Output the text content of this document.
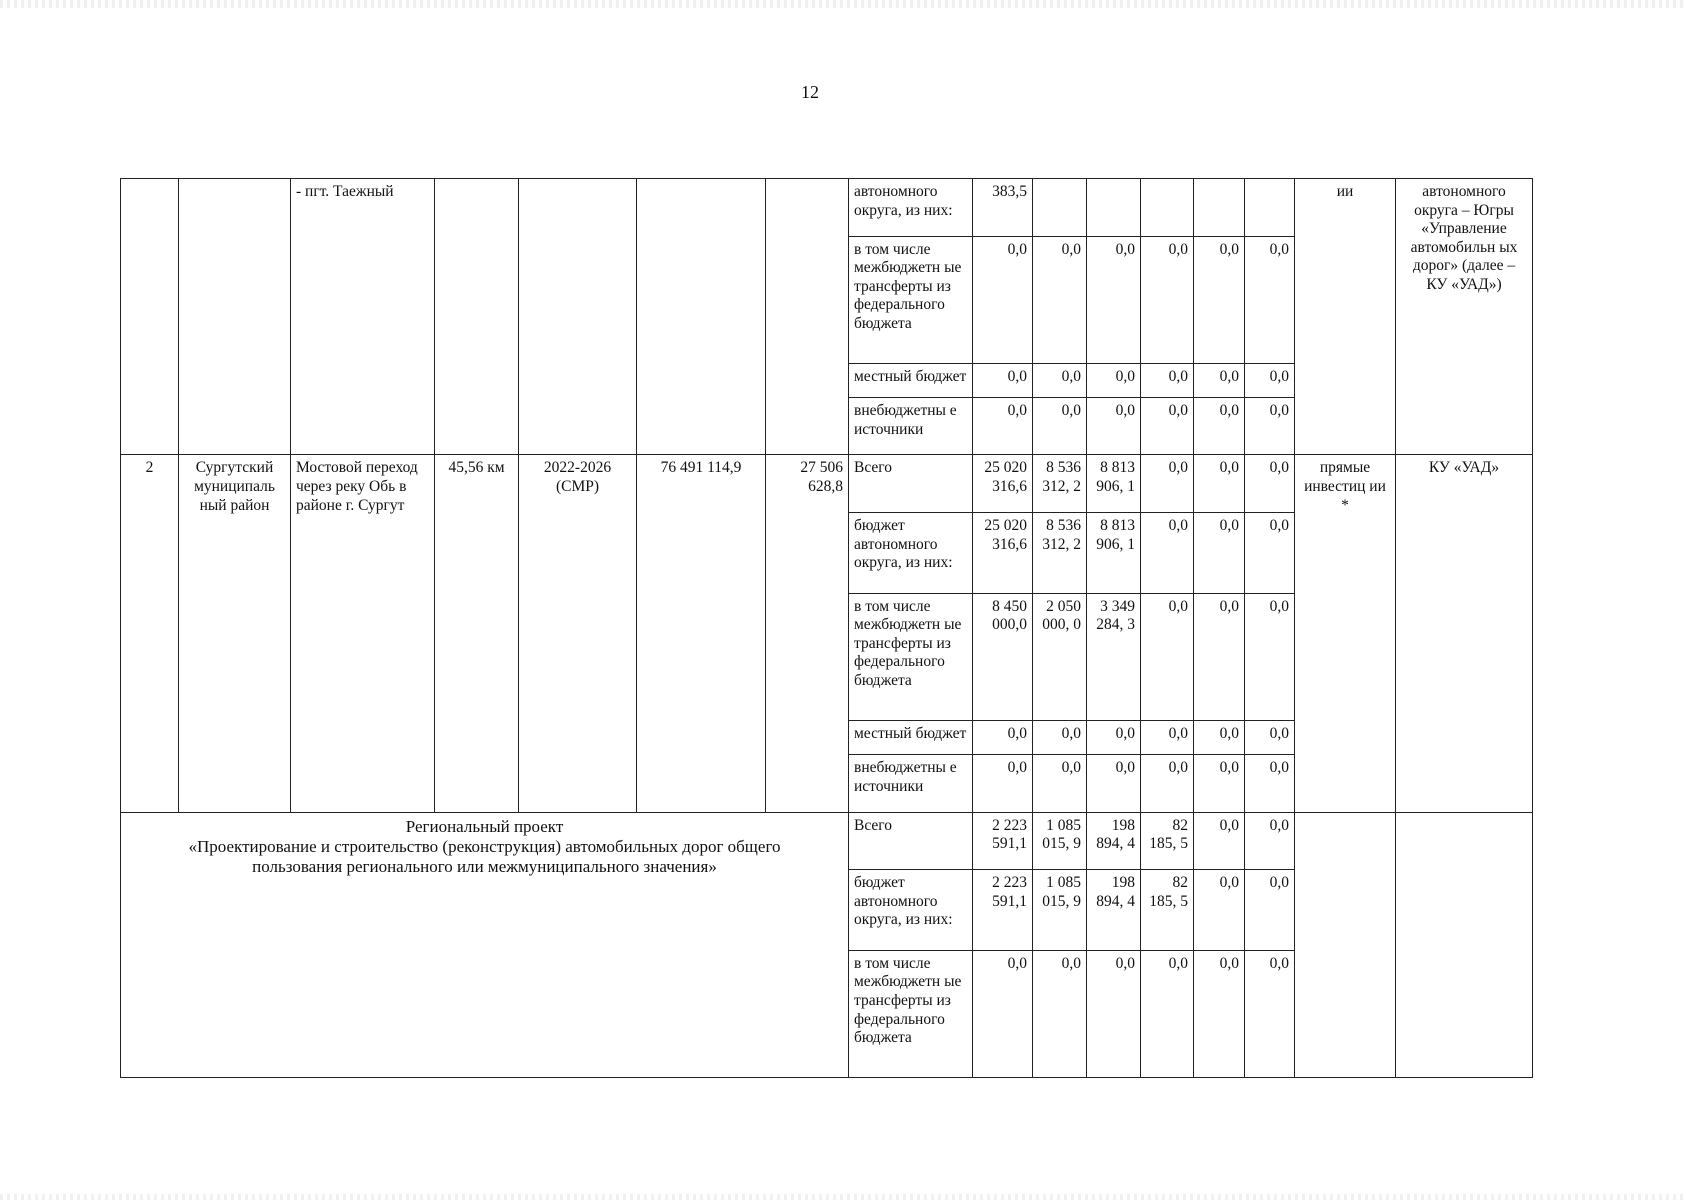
12
		- пгт. Таежный					автономного округа, из них:	383,5						ии	автономного округа – Югры «Управление автомобильн ых дорог» (далее – КУ «УАД»)
							в том числе межбюджетн ые трансферты из федерального бюджета	0,0	0,0	0,0	0,0	0,0	0,0		
							местный бюджет	0,0	0,0	0,0	0,0	0,0	0,0		
							внебюджетны е источники	0,0	0,0	0,0	0,0	0,0	0,0		
2	Сургутский муниципаль ный район	Мостовой переход через реку Обь в районе г. Сургут	45,56 км	2022-2026 (СМР)	76 491 114,9	27 506 628,8	Всего	25 020 316,6	8 536 312, 2	8 813 906, 1	0,0	0,0	0,0	прямые инвестиц ии *	КУ «УАД»
							бюджет автономного округа, из них:	25 020 316,6	8 536 312, 2	8 813 906, 1	0,0	0,0	0,0		
							в том числе межбюджетн ые трансферты из федерального бюджета	8 450 000,0	2 050 000, 0	3 349 284, 3	0,0	0,0	0,0		
							местный бюджет	0,0	0,0	0,0	0,0	0,0	0,0		
							внебюджетны е источники	0,0	0,0	0,0	0,0	0,0	0,0		

Региональный проект
«Проектирование и строительство (реконструкция) автомобильных дорог общего пользования регионального или межмуниципального значения»							Всего	2 223 591,1	1 085 015, 9	198 894, 4	82 185, 5	0,0	0,0		
							бюджет автономного округа, из них:	2 223 591,1	1 085 015, 9	198 894, 4	82 185, 5	0,0	0,0		
							в том числе межбюджетн ые трансферты из федерального бюджета	0,0	0,0	0,0	0,0	0,0	0,0		
